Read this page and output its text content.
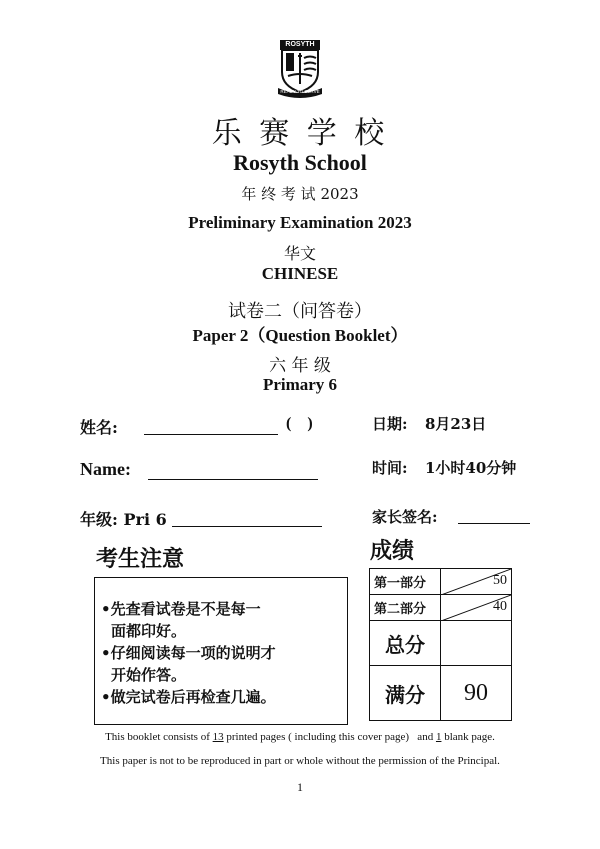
ROSYTH
READY TO SERVE
乐 赛 学 校
Rosyth School
年 终 考 试 2023
Preliminary Examination 2023
华文
CHINESE
试卷二（问答卷）
Paper 2（Question Booklet）
六 年 级
Primary 6
姓名:	(    )	日期: 8月23日
Name:	时间: 1小时40分钟
年级: Pri 6	家长签名:
考生注意
•先查看试卷是不是每一
面都印好。
•仔细阅读每一项的说明才
开始作答。
•做完试卷后再检查几遍。
成绩
第一部分	50

第二部分	40

总分	
满分	90
This booklet consists of 13 printed pages ( including this cover page)   and 1 blank page.
This paper is not to be reproduced in part or whole without the permission of the Principal.
1
